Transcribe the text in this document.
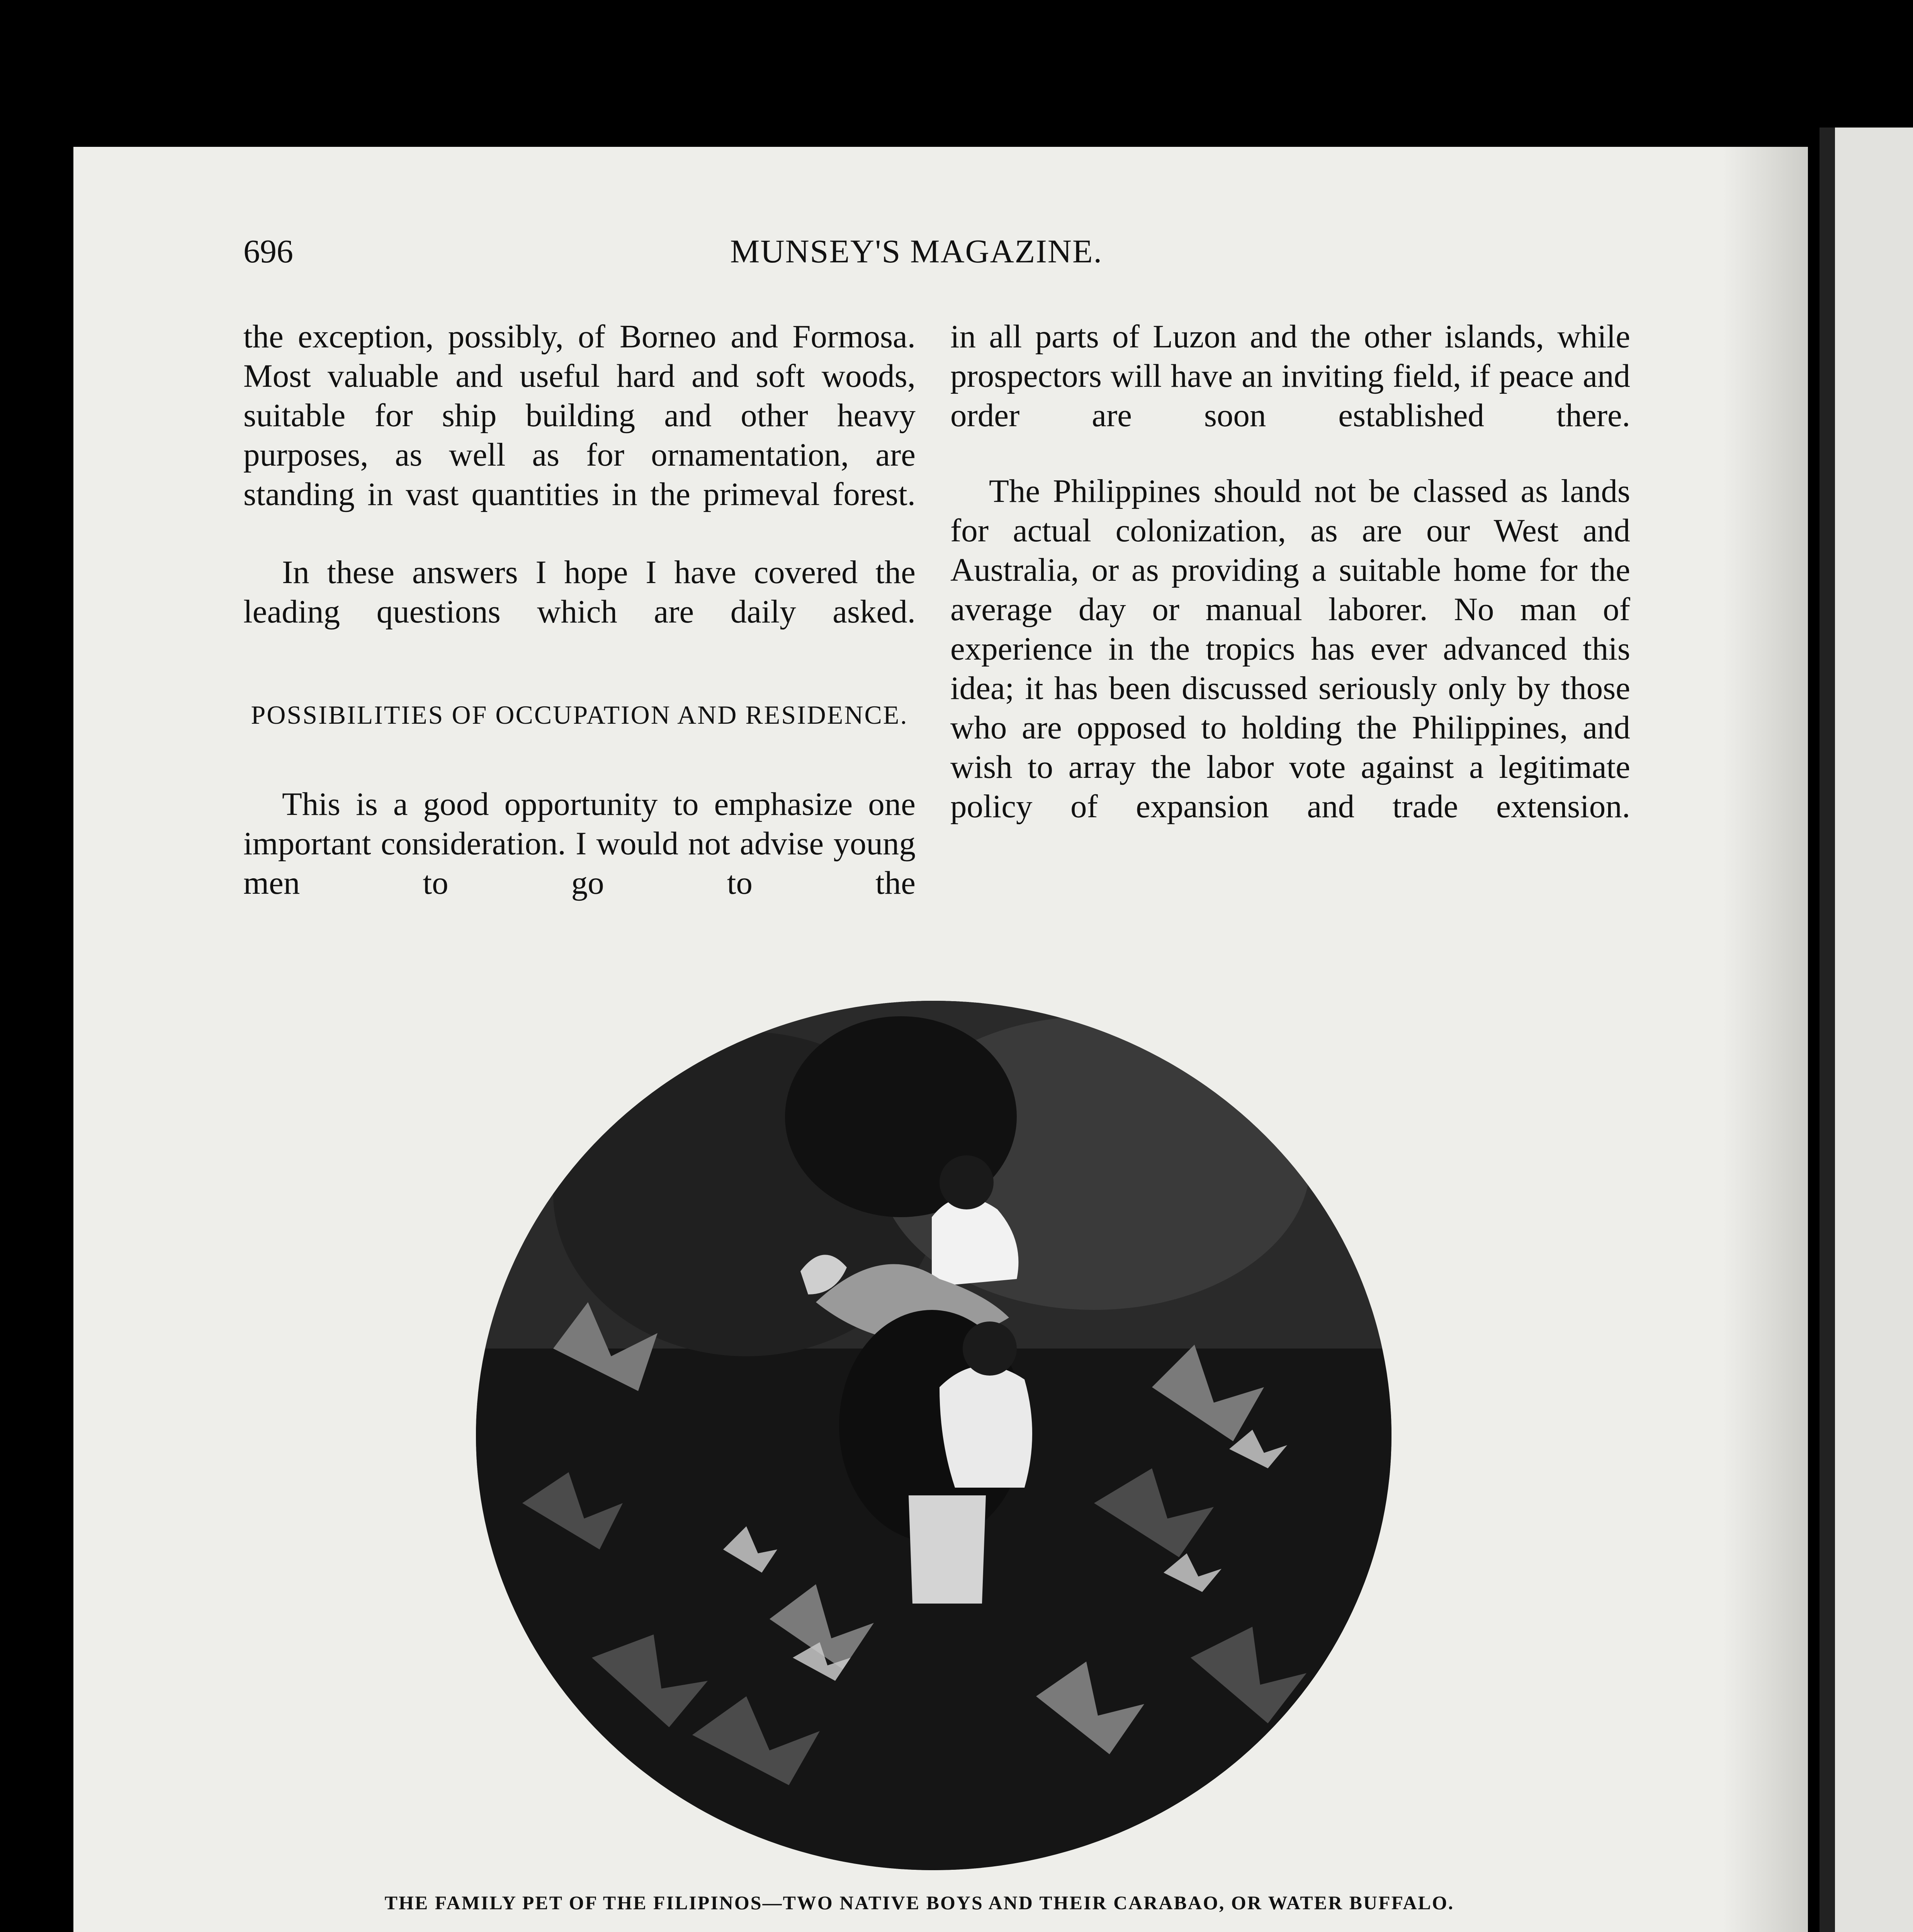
696	MUNSEY'S MAGAZINE.
the exception, possibly, of Borneo and Formosa. Most valuable and useful hard and soft woods, suitable for ship building and other heavy purposes, as well as for ornamentation, are standing in vast quantities in the primeval forest.
In these answers I hope I have covered the leading questions which are daily asked.
POSSIBILITIES OF OCCUPATION AND RESIDENCE.
This is a good opportunity to emphasize one important consideration. I would not advise young men to go to the
in all parts of Luzon and the other islands, while prospectors will have an inviting field, if peace and order are soon established there.
The Philippines should not be classed as lands for actual colonization, as are our West and Australia, or as providing a suitable home for the average day or manual laborer. No man of experience in the tropics has ever advanced this idea; it has been discussed seriously only by those who are opposed to holding the Philippines, and wish to array the labor vote against a legitimate policy of expansion and trade extension.
THE FAMILY PET OF THE FILIPINOS—TWO NATIVE BOYS AND THEIR CARABAO, OR WATER BUFFALO.
